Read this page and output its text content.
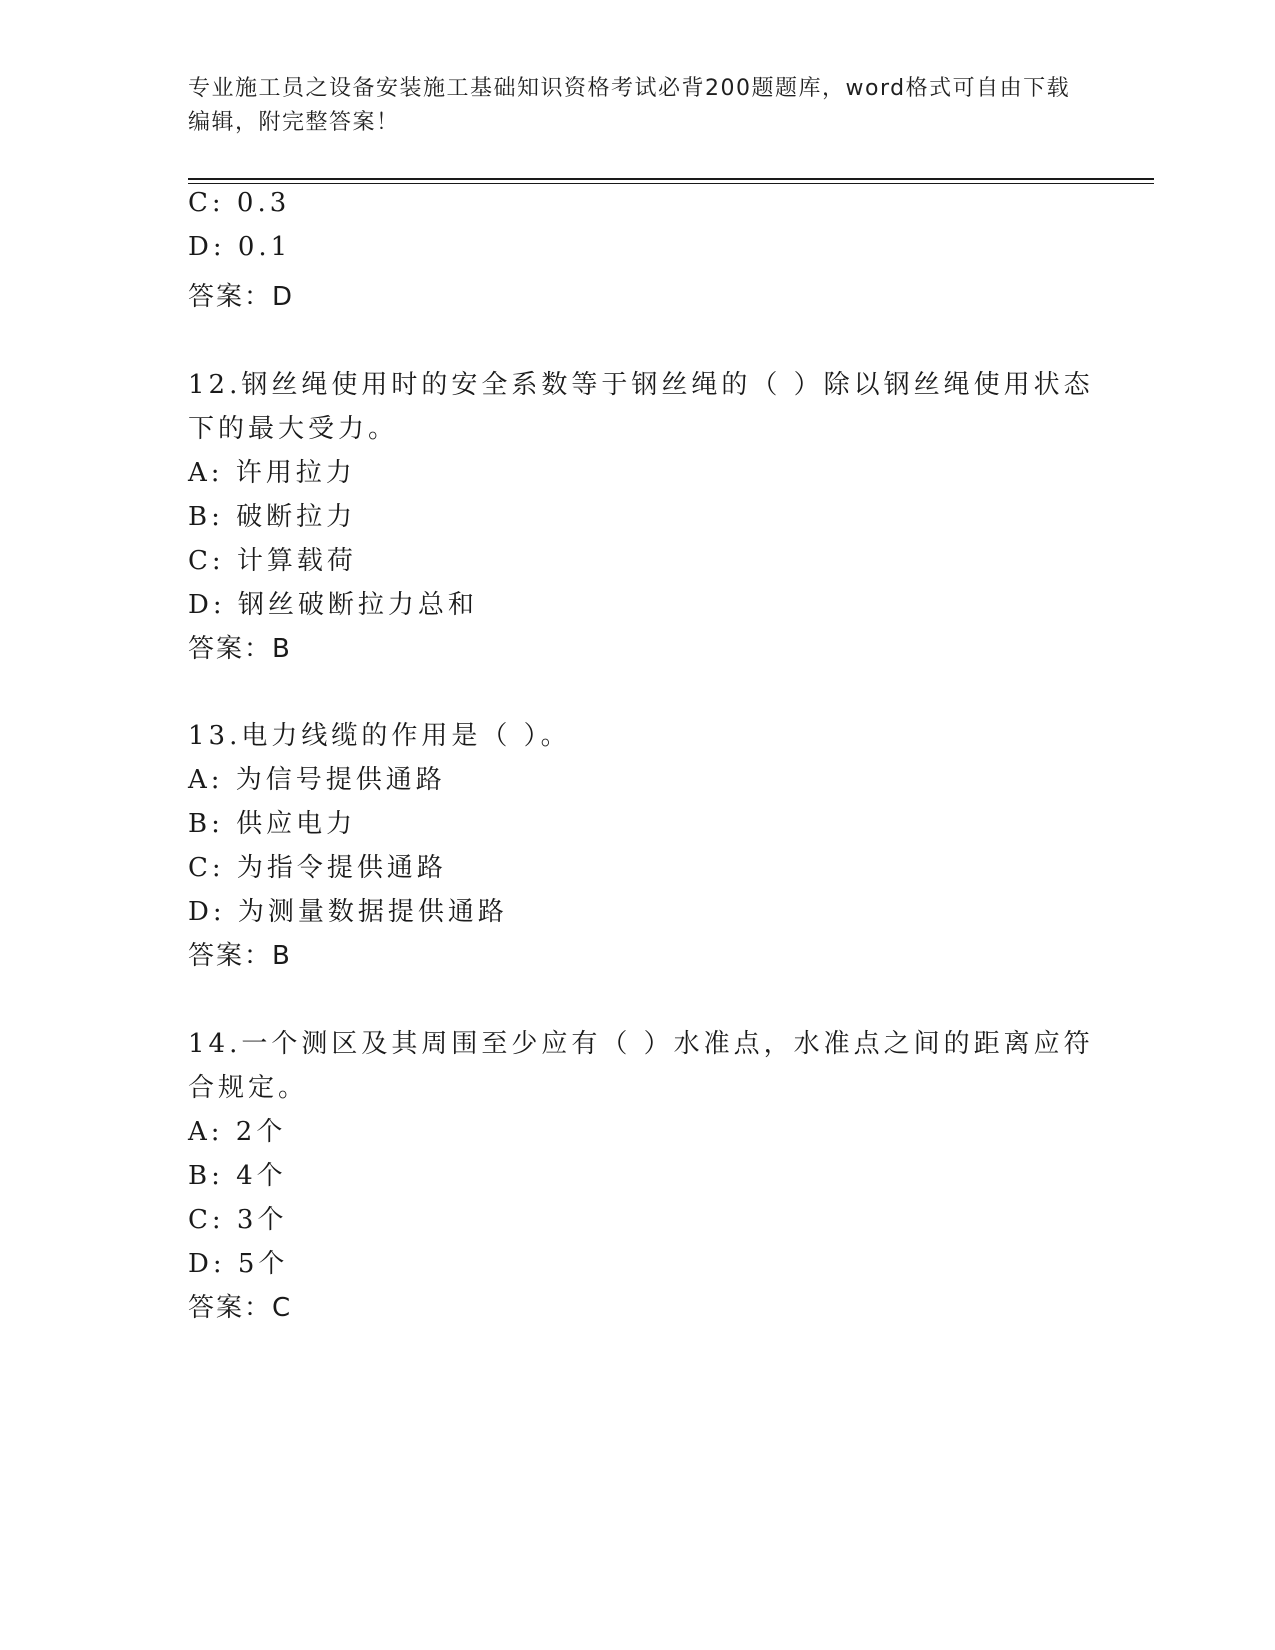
专业施工员之设备安装施工基础知识资格考试必背200题题库，word格式可自由下载编辑，附完整答案！
C: 0.3
D: 0.1
答案：D
12.钢丝绳使用时的安全系数等于钢丝绳的（ ）除以钢丝绳使用状态
下的最大受力。
A: 许用拉力
B: 破断拉力
C: 计算载荷
D: 钢丝破断拉力总和
答案：B
13.电力线缆的作用是（ ）。
A: 为信号提供通路
B: 供应电力
C: 为指令提供通路
D: 为测量数据提供通路
答案：B
14.一个测区及其周围至少应有（ ）水准点，水准点之间的距离应符
合规定。
A: 2个
B: 4个
C: 3个
D: 5个
答案：C
